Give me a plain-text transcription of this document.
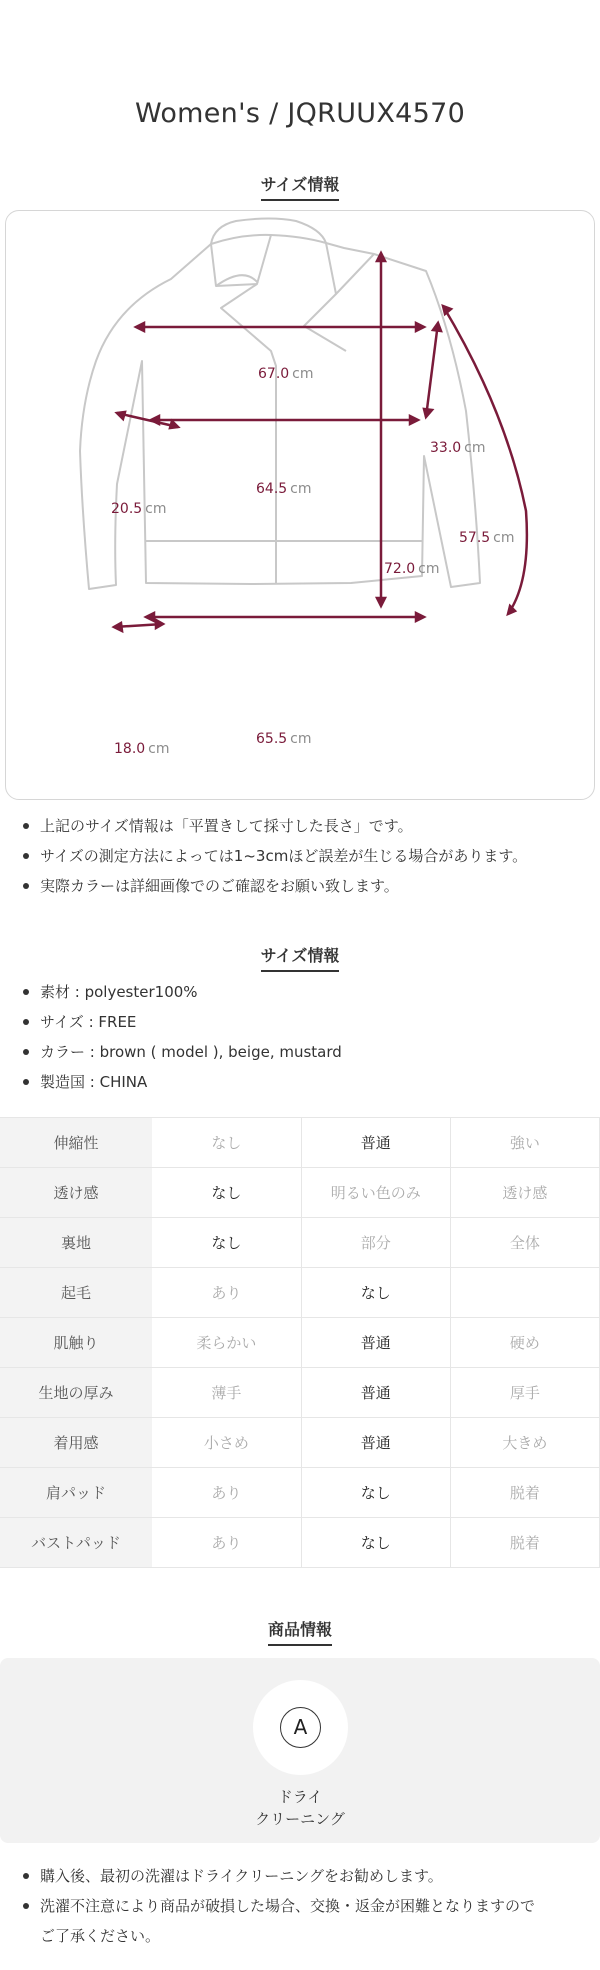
Women's / JQRUUX4570
サイズ情報
67.0 cm
64.5 cm
65.5 cm
72.0 cm
33.0 cm
57.5 cm
20.5 cm
18.0 cm
上記のサイズ情報は「平置きして採寸した長さ」です。
サイズの測定方法によっては1~3cmほど誤差が生じる場合があります。
実際カラーは詳細画像でのご確認をお願い致します。
サイズ情報
素材 : polyester100%
サイズ : FREE
カラー : brown ( model ), beige, mustard
製造国 : CHINA
伸縮性	なし	普通	強い
透け感	なし	明るい色のみ	透け感
裏地	なし	部分	全体
起毛	あり	なし	
肌触り	柔らかい	普通	硬め
生地の厚み	薄手	普通	厚手
着用感	小さめ	普通	大きめ
肩パッド	あり	なし	脱着
バストパッド	あり	なし	脱着
商品情報
A
ドライ
クリーニング
購入後、最初の洗濯はドライクリーニングをお勧めします。
洗濯不注意により商品が破損した場合、交換・返金が困難となりますので
ご了承ください。
